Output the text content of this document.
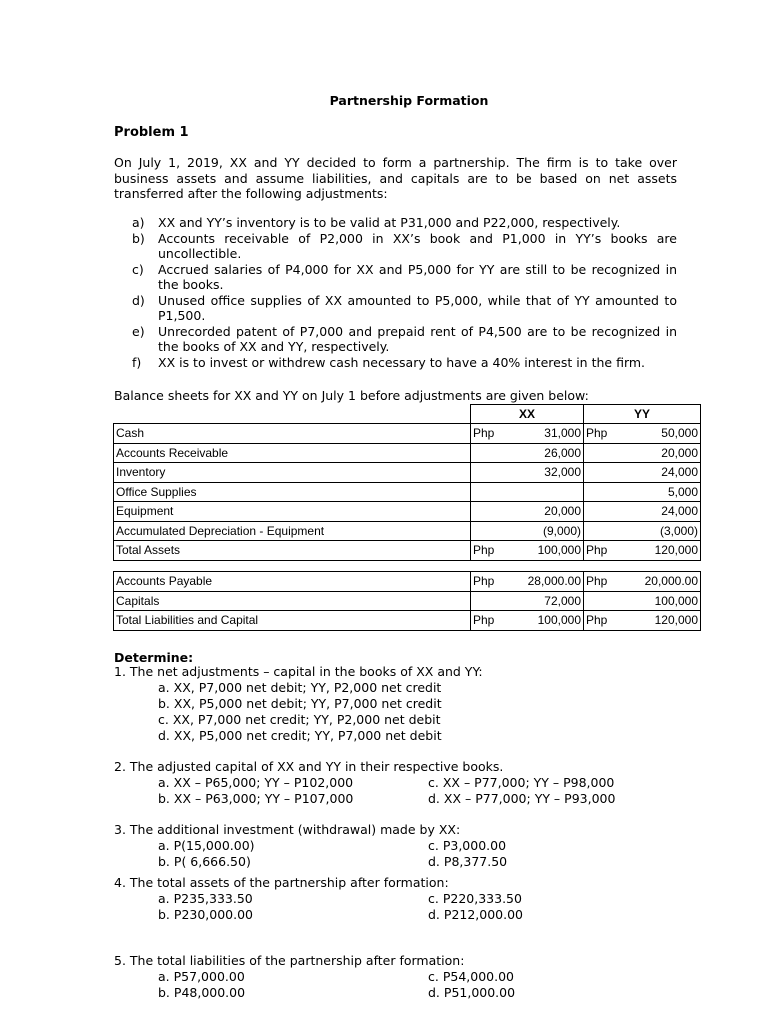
Partnership Formation
Problem 1
On July 1, 2019, XX and YY decided to form a partnership. The firm is to take over business assets and assume liabilities, and capitals are to be based on net assets transferred after the following adjustments:
a)	XX and YY’s inventory is to be valid at P31,000 and P22,000, respectively.
b)	Accounts receivable of P2,000 in XX’s book and P1,000 in YY’s books are uncollectible.
c)	Accrued salaries of P4,000 for XX and P5,000 for YY are still to be recognized in the books.
d)	Unused office supplies of XX amounted to P5,000, while that of YY amounted to P1,500.
e)	Unrecorded patent of P7,000 and prepaid rent of P4,500 are to be recognized in the books of XX and YY, respectively.
f)	XX is to invest or withdrew cash necessary to have a 40% interest in the firm.
Balance sheets for XX and YY on July 1 before adjustments are given below:
	XX		YY	
Cash	Php	31,000	Php	50,000
Accounts Receivable		26,000		20,000
Inventory		32,000		24,000
Office Supplies				5,000
Equipment		20,000		24,000
Accumulated Depreciation - Equipment		(9,000)		(3,000)
Total Assets	Php	100,000	Php	120,000
Accounts Payable	Php	28,000.00	Php	20,000.00
Capitals		72,000		100,000
Total Liabilities and Capital	Php	100,000	Php	120,000
Determine:
1. The net adjustments – capital in the books of XX and YY:
a. XX, P7,000 net debit; YY, P2,000 net credit
b. XX, P5,000 net debit; YY, P7,000 net credit
c. XX, P7,000 net credit; YY, P2,000 net debit
d. XX, P5,000 net credit; YY, P7,000 net debit
2. The adjusted capital of XX and YY in their respective books.
a. XX – P65,000; YY – P102,000
b. XX – P63,000; YY – P107,000
c. XX – P77,000; YY – P98,000
d. XX – P77,000; YY – P93,000
3. The additional investment (withdrawal) made by XX:
a. P(15,000.00)
b. P( 6,666.50)
c. P3,000.00
d. P8,377.50
4. The total assets of the partnership after formation:
a. P235,333.50
b. P230,000.00
c. P220,333.50
d. P212,000.00
5. The total liabilities of the partnership after formation:
a. P57,000.00
b. P48,000.00
c. P54,000.00
d. P51,000.00
